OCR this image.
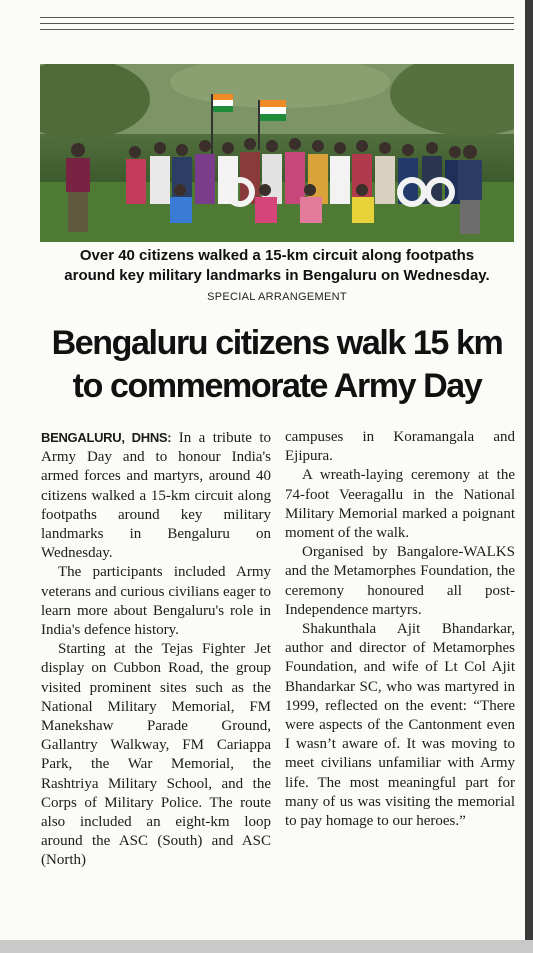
Over 40 citizens walked a 15-km circuit along footpaths
around key military landmarks in Bengaluru on Wednesday.
SPECIAL ARRANGEMENT
Bengaluru citizens walk 15 km
to commemorate Army Day

BENGALURU, DHNS: In a tribute to Army Day and to honour India's armed forces and martyrs, around 40 citizens walked a 15-km circuit along footpaths around key military landmarks in Bengaluru on Wednesday.

The participants included Army veterans and curious civilians eager to learn more about Bengaluru's role in India's defence history.

Starting at the Tejas Fighter Jet display on Cubbon Road, the group visited prominent sites such as the National Military Memorial, FM Manekshaw Parade Ground, Gallantry Walkway, FM Cariappa Park, the War Memorial, the Rashtriya Military School, and the Corps of Military Police. The route also included an eight-km loop around the ASC (South) and ASC (North)

campuses in Koramangala and Ejipura.

A wreath-laying ceremony at the 74-foot Veeragallu in the National Military Memorial marked a poignant moment of the walk.

Organised by Bangalore-WALKS and the Metamorphes Foundation, the ceremony honoured all post-Independence martyrs.

Shakunthala Ajit Bhandarkar, author and director of Metamorphes Foundation, and wife of Lt Col Ajit Bhandarkar SC, who was martyred in 1999, reflected on the event: “There were aspects of the Cantonment even I wasn’t aware of. It was moving to meet civilians unfamiliar with Army life. The most meaningful part for many of us was visiting the memorial to pay homage to our heroes.”
